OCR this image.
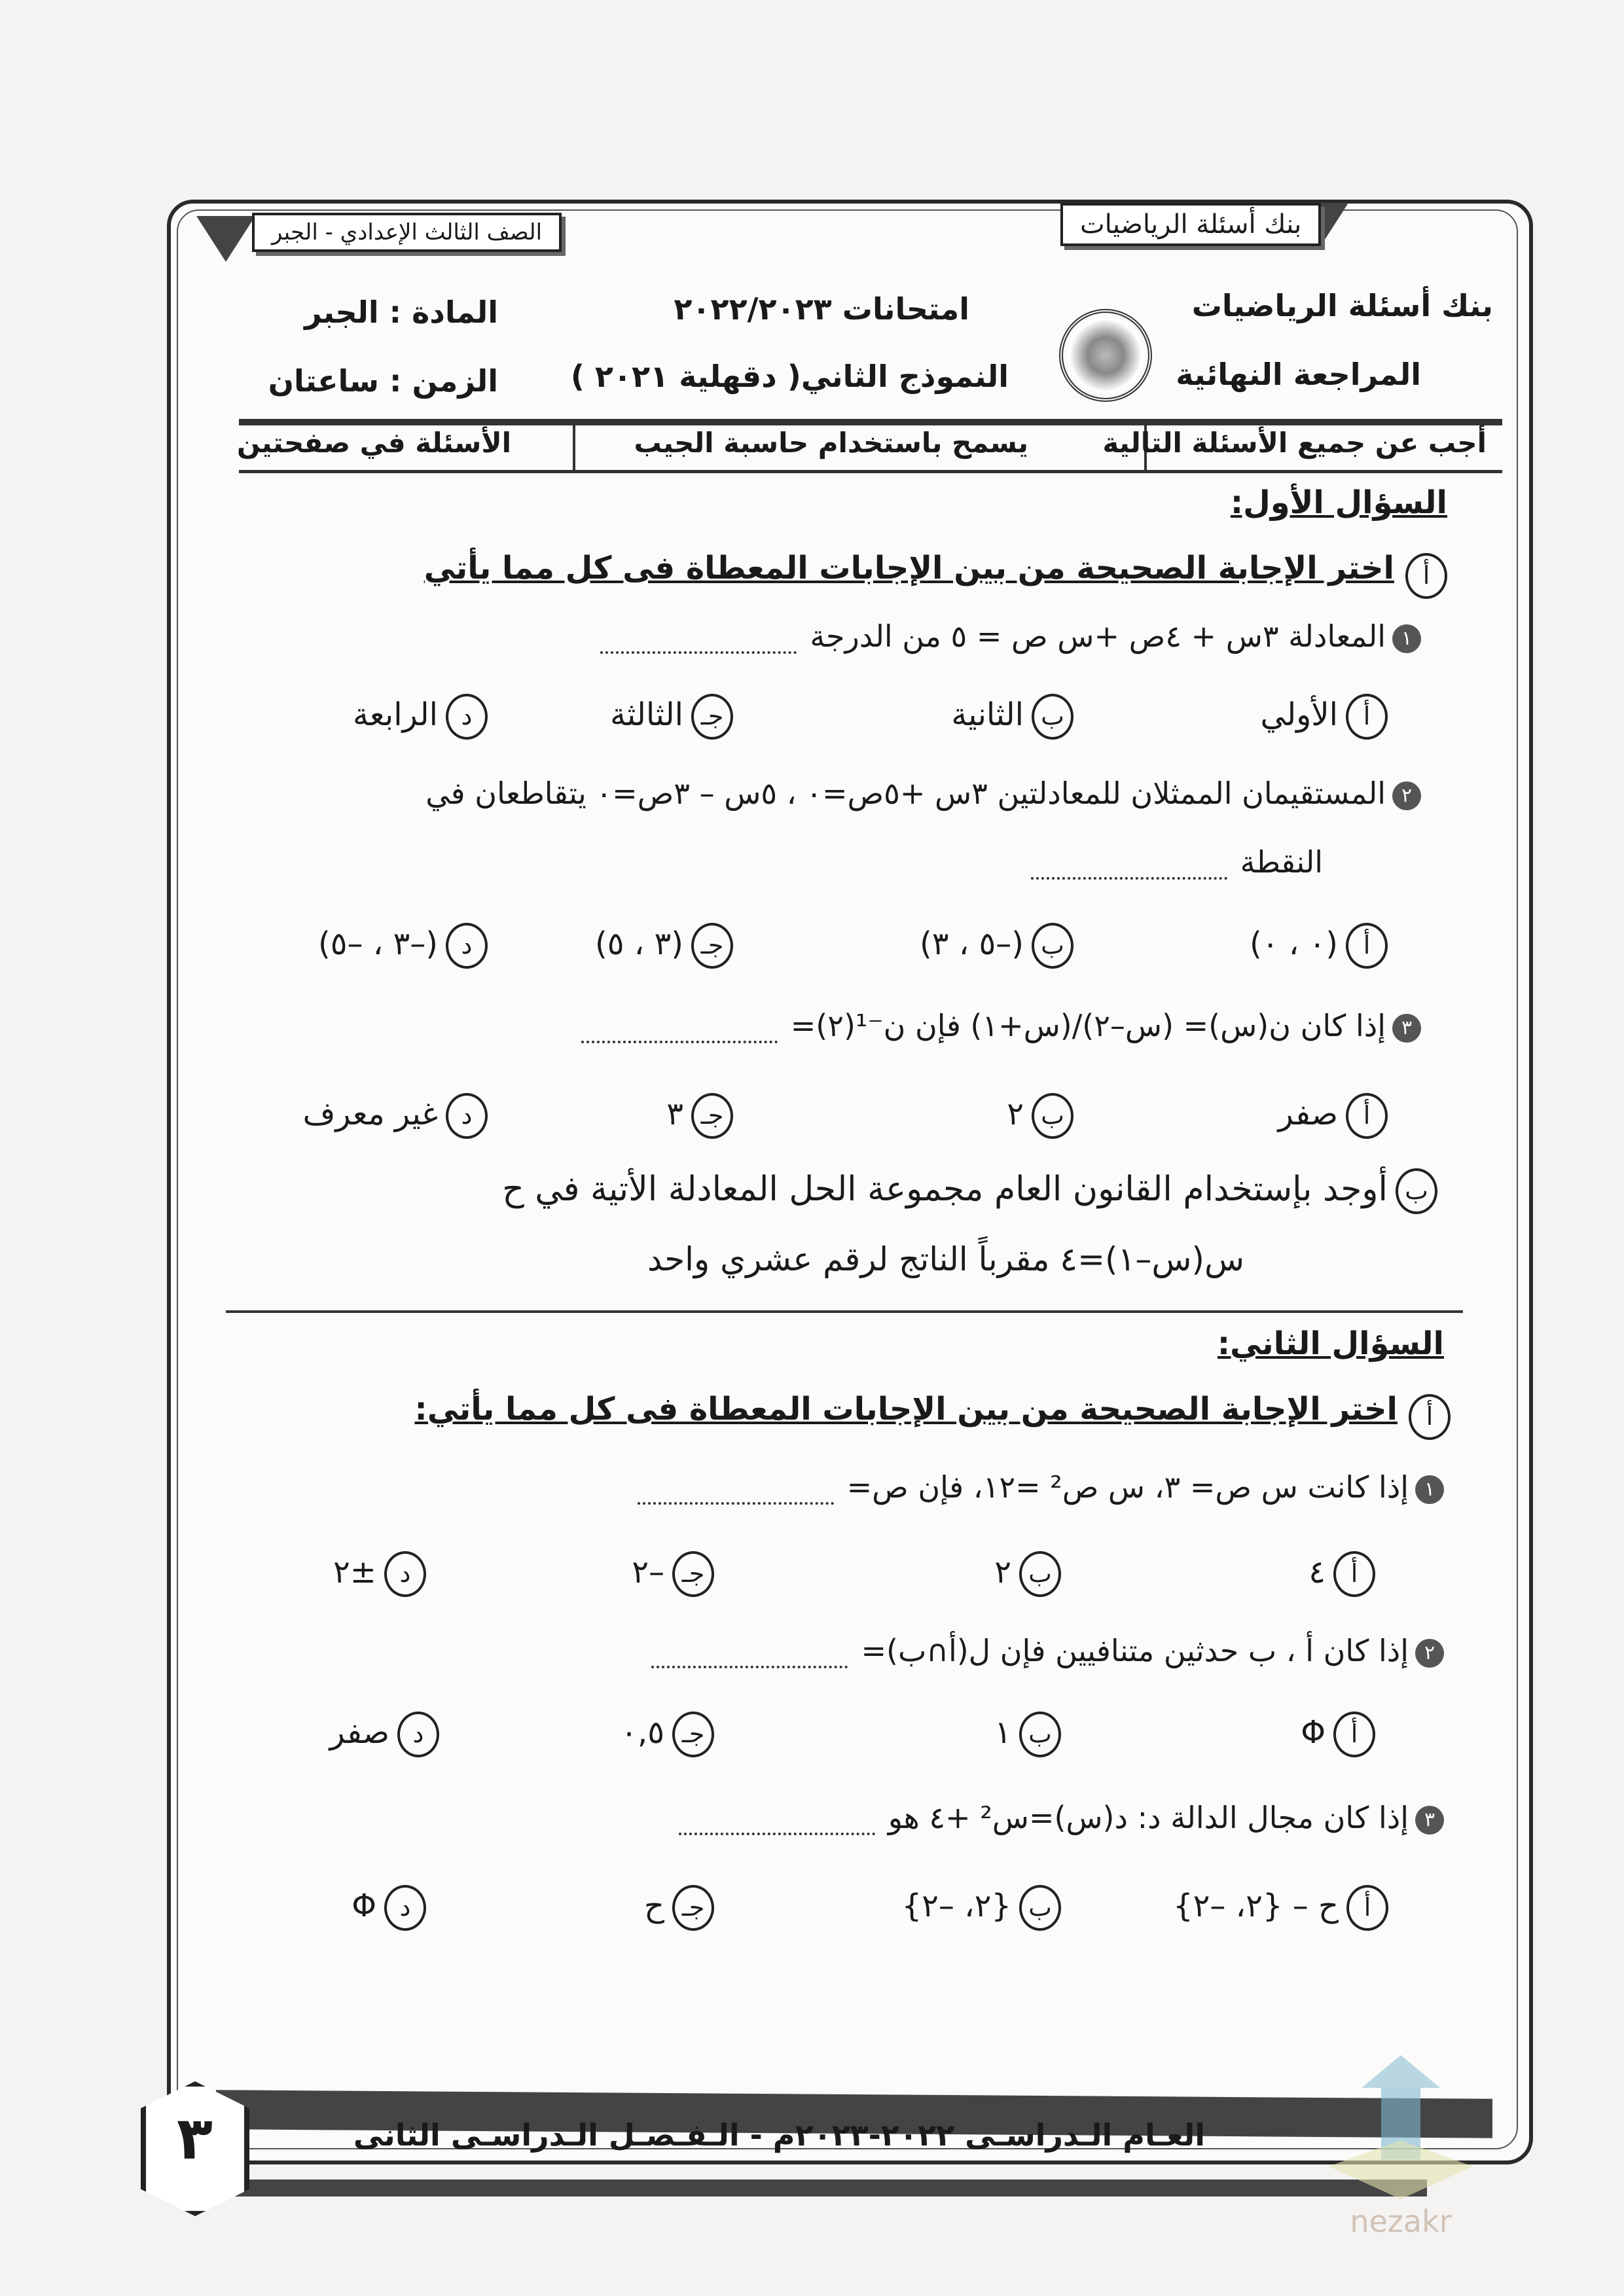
بنك أسئلة الرياضيات
الصف الثالث الإعدادي - الجبر
بنك أسئلة الرياضيات
المراجعة النهائية
امتحانات ٢٠٢٢/٢٠٢٣
النموذج الثاني( دقهلية ٢٠٢١ )
المادة : الجبر
الزمن : ساعتان
أجب عن جميع الأسئلة التالية
يسمح باستخدام حاسبة الجيب
الأسئلة في صفحتين
السؤال الأول:
أ اختر الإجابة الصحيحة من بين الإجابات المعطاة فى كل مما يأتي
١المعادلة ٣س + ٤ص +س ص = ٥ من الدرجة
أالأولي
بالثانية
جـالثالثة
دالرابعة
٢المستقيمان الممثلان للمعادلتين ٣س +٥ص=٠ ، ٥س – ٣ص=٠ يتقاطعان في
النقطة
أ(٠ ، ٠)
ب(–٥ ، ٣)
جـ(٣ ، ٥)
د(–٣ ، –٥)
٣إذا كان ن(س)= (س–٢)/(س+١) فإن ن⁻¹(٢)=
أصفر
ب٢
جـ٣
دغير معرف
بأوجد بإستخدام القانون العام مجموعة الحل المعادلة الأتية في ح
س(س–١)=٤ مقرباً الناتج لرقم عشري واحد
السؤال الثاني:
أ اختر الإجابة الصحيحة من بين الإجابات المعطاة فى كل مما يأتي:
١إذا كانت س ص= ٣، س ص² =١٢، فإن ص=
أ٤
ب٢
جـ–٢
د±٢
٢إذا كان أ ، ب حدثين متنافيين فإن ل(أ∩ب)=
أΦ
ب١
جـ٠,٥
دصفر
٣إذا كان مجال الدالة د: د(س)=س² +٤ هو
أح – {٢، –٢}
ب{٢، –٢}
جـح
دΦ
العـام الـدراسـى ٢٠٢٢-٢٠٢٣م - الـفـصـل الـدراسـى الثانى
٣
nezakr
